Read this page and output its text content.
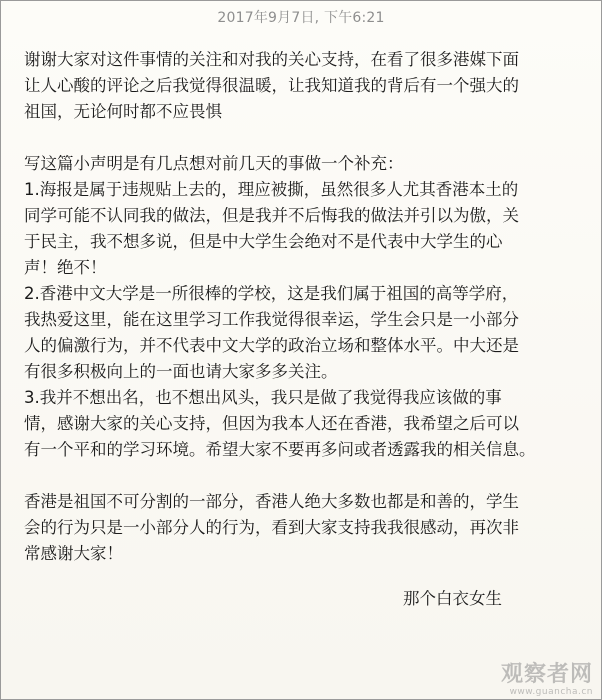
2017年9月7日, 下午6:21

谢谢大家对这件事情的关注和对我的关心支持，在看了很多港媒下面

让人心酸的评论之后我觉得很温暖，让我知道我的背后有一个强大的

祖国，无论何时都不应畏惧

写这篇小声明是有几点想对前几天的事做一个补充：

1.海报是属于违规贴上去的，理应被撕，虽然很多人尤其香港本土的

同学可能不认同我的做法，但是我并不后悔我的做法并引以为傲，关

于民主，我不想多说，但是中大学生会绝对不是代表中大学生的心

声！绝不！

2.香港中文大学是一所很棒的学校，这是我们属于祖国的高等学府，

我热爱这里，能在这里学习工作我觉得很幸运，学生会只是一小部分

人的偏激行为，并不代表中文大学的政治立场和整体水平。中大还是

有很多积极向上的一面也请大家多多关注。

3.我并不想出名，也不想出风头，我只是做了我觉得我应该做的事

情，感谢大家的关心支持，但因为我本人还在香港，我希望之后可以

有一个平和的学习环境。希望大家不要再多问或者透露我的相关信息。

香港是祖国不可分割的一部分，香港人绝大多数也都是和善的，学生

会的行为只是一小部分人的行为，看到大家支持我我很感动，再次非

常感谢大家！

那个白衣女生
观察者网
www.guancha.cn
